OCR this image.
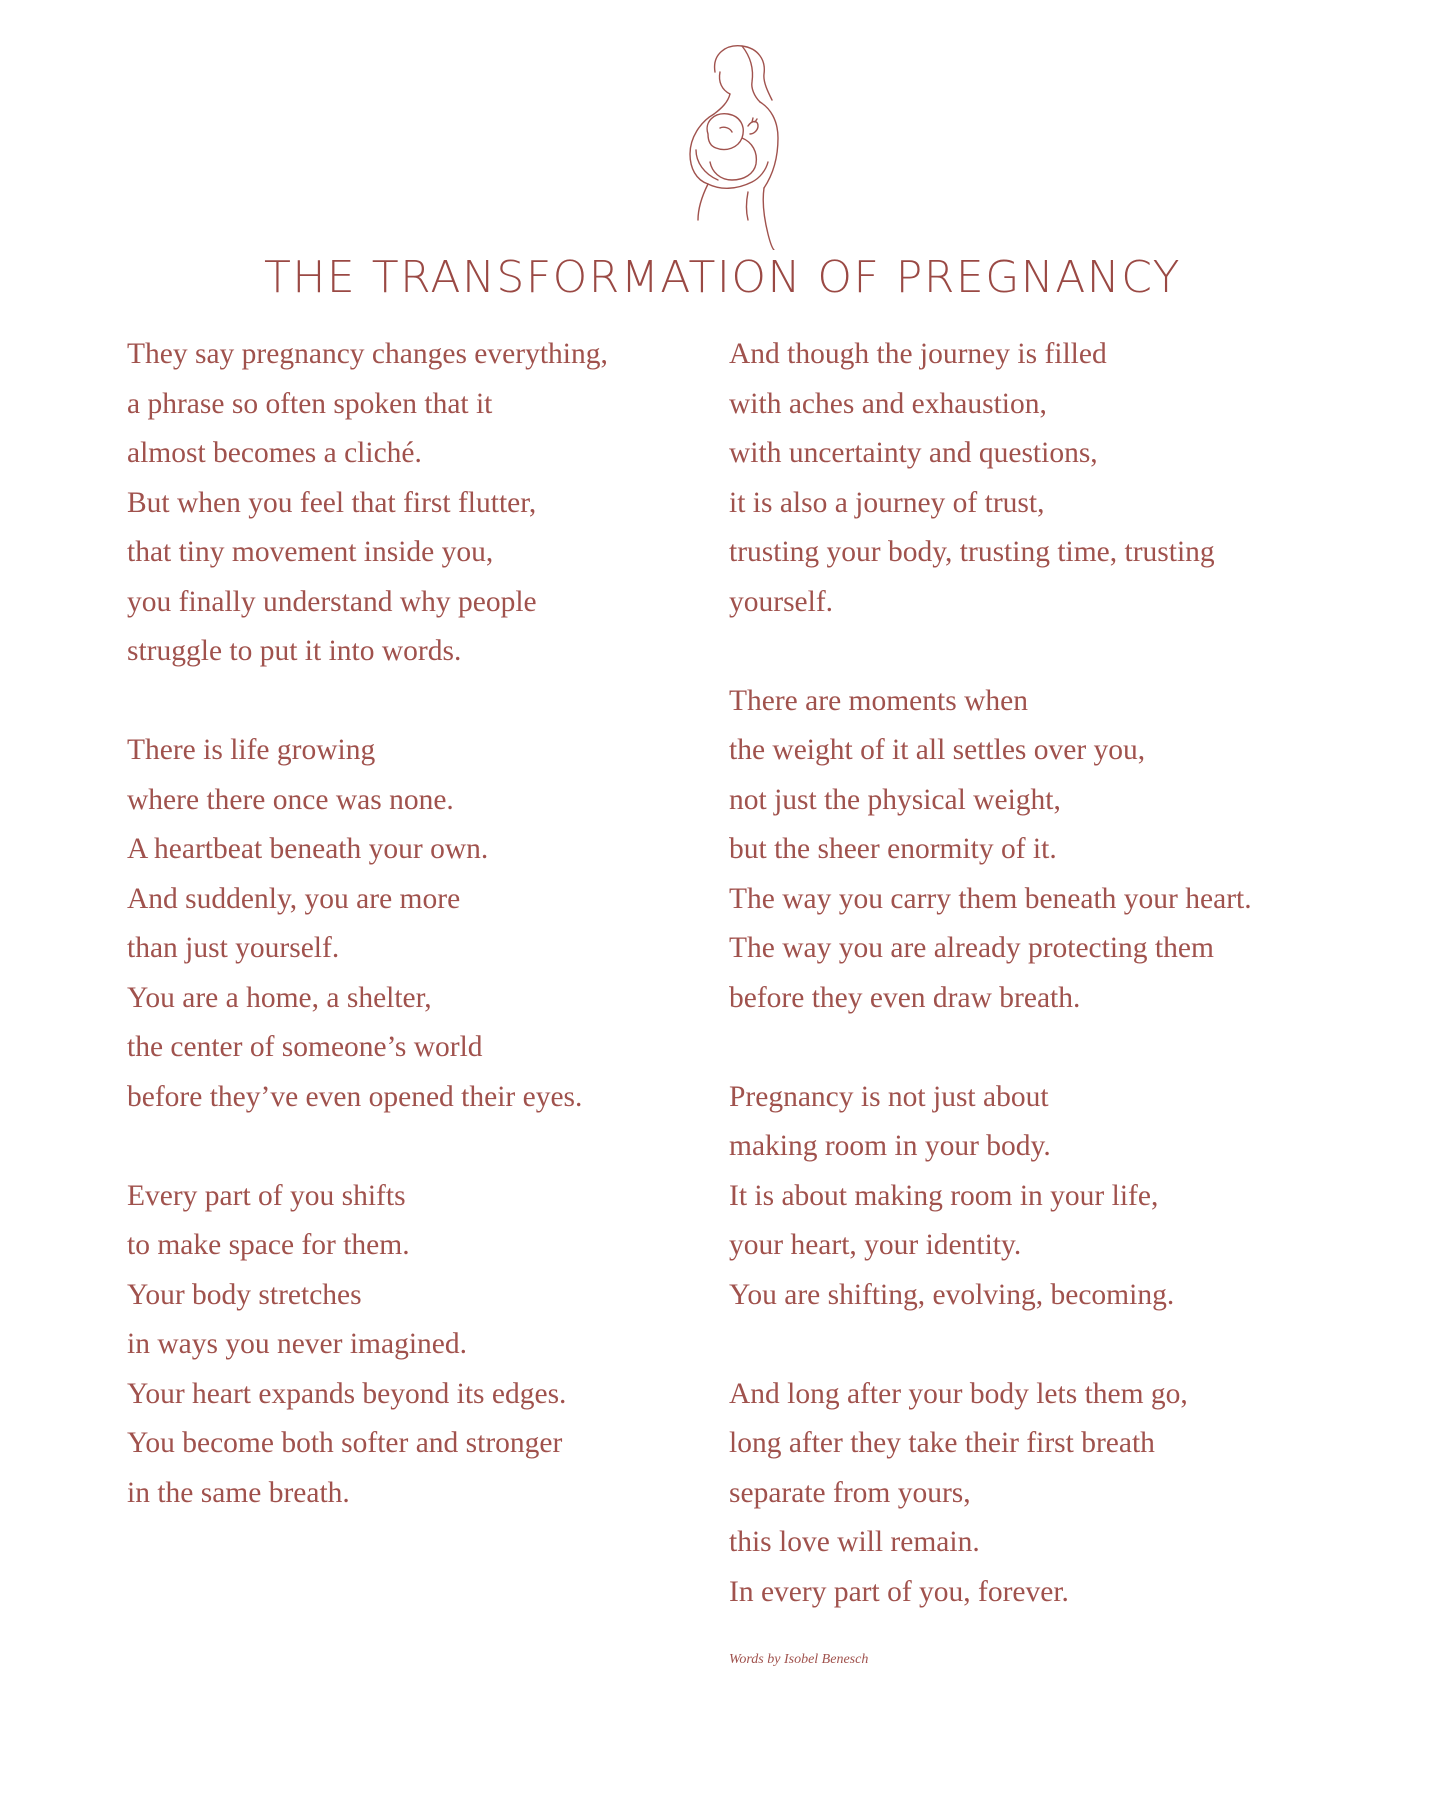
THE TRANSFORMATION OF PREGNANCY
They say pregnancy changes everything,
a phrase so often spoken that it
almost becomes a cliché.
But when you feel that first flutter,
that tiny movement inside you,
you finally understand why people
struggle to put it into words.
There is life growing
where there once was none.
A heartbeat beneath your own.
And suddenly, you are more
than just yourself.
You are a home, a shelter,
the center of someone’s world
before they’ve even opened their eyes.
Every part of you shifts
to make space for them.
Your body stretches
in ways you never imagined.
Your heart expands beyond its edges.
You become both softer and stronger
in the same breath.
And though the journey is filled
with aches and exhaustion,
with uncertainty and questions,
it is also a journey of trust,
trusting your body, trusting time, trusting
yourself.
There are moments when
the weight of it all settles over you,
not just the physical weight,
but the sheer enormity of it.
The way you carry them beneath your heart.
The way you are already protecting them
before they even draw breath.
Pregnancy is not just about
making room in your body.
It is about making room in your life,
your heart, your identity.
You are shifting, evolving, becoming.
And long after your body lets them go,
long after they take their first breath
separate from yours,
this love will remain.
In every part of you, forever.
Words by Isobel Benesch
